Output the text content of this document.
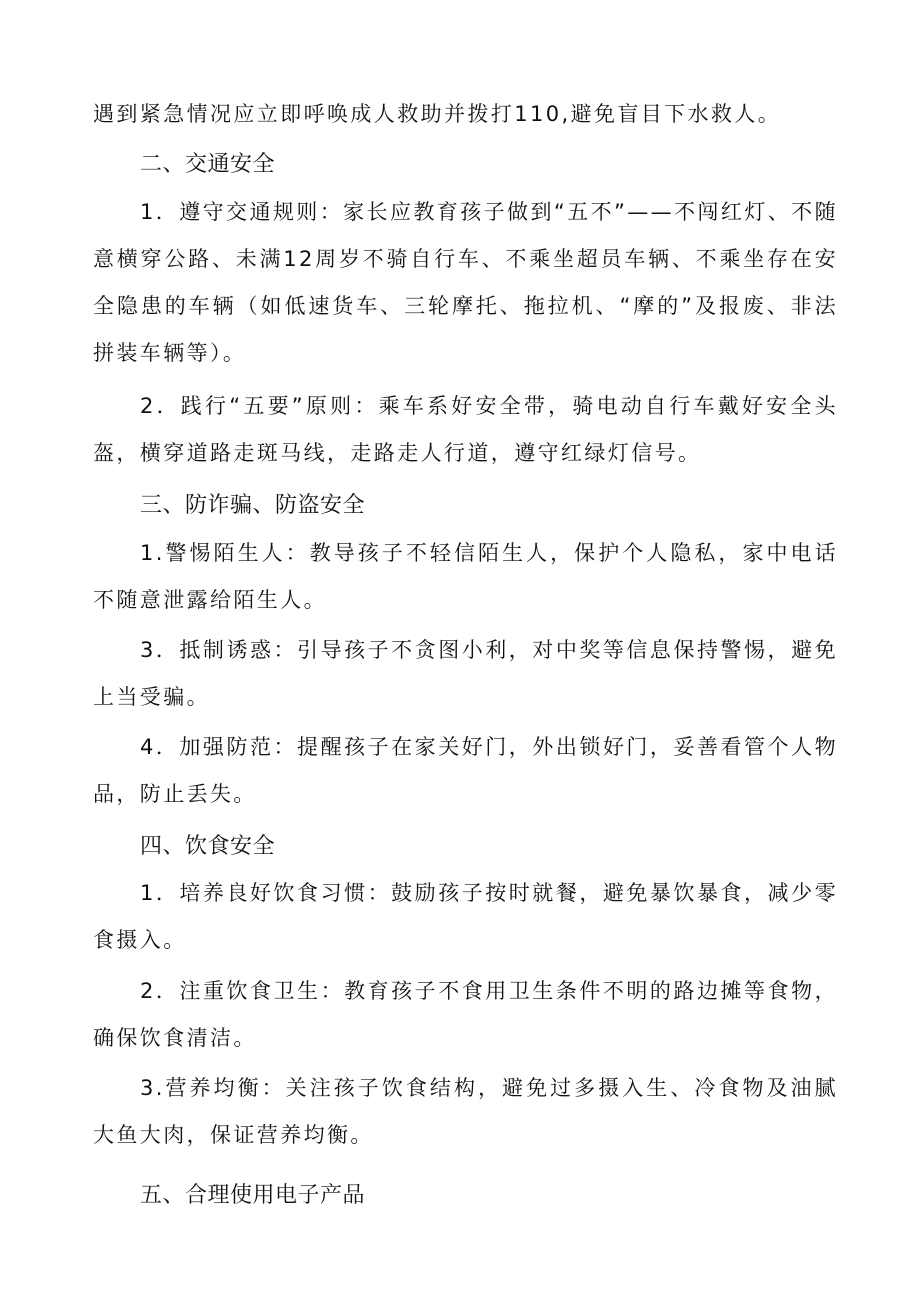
遇到紧急情况应立即呼唤成人救助并拨打110,避免盲目下水救人。

二、交通安全

1．遵守交通规则：家长应教育孩子做到“五不”——不闯红灯、不随意横穿公路、未满12周岁不骑自行车、不乘坐超员车辆、不乘坐存在安全隐患的车辆（如低速货车、三轮摩托、拖拉机、“摩的”及报废、非法拼装车辆等）。

2．践行“五要”原则：乘车系好安全带，骑电动自行车戴好安全头盔，横穿道路走斑马线，走路走人行道，遵守红绿灯信号。

三、防诈骗、防盗安全

1.警惕陌生人：教导孩子不轻信陌生人，保护个人隐私，家中电话不随意泄露给陌生人。

3．抵制诱惑：引导孩子不贪图小利，对中奖等信息保持警惕，避免上当受骗。

4．加强防范：提醒孩子在家关好门，外出锁好门，妥善看管个人物品，防止丢失。

四、饮食安全

1．培养良好饮食习惯：鼓励孩子按时就餐，避免暴饮暴食，减少零食摄入。

2．注重饮食卫生：教育孩子不食用卫生条件不明的路边摊等食物，确保饮食清洁。

3.营养均衡：关注孩子饮食结构，避免过多摄入生、冷食物及油腻大鱼大肉，保证营养均衡。

五、合理使用电子产品
